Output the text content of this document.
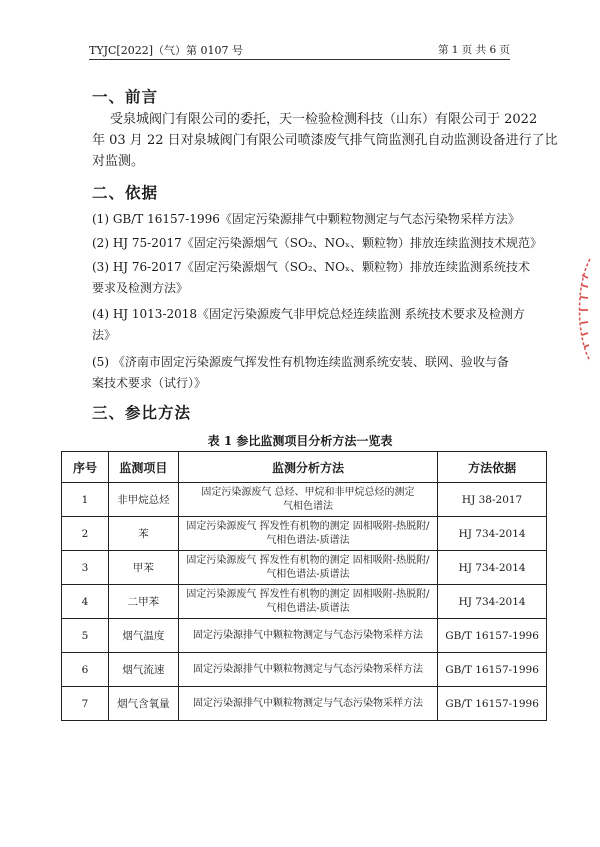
TYJC[2022]（气）第 0107 号	第 1 页 共 6 页
一、前言
受泉城阀门有限公司的委托，天一检验检测科技（山东）有限公司于 2022
年 03 月 22 日对泉城阀门有限公司喷漆废气排气筒监测孔自动监测设备进行了比
对监测。
二、依据
(1) GB/T 16157-1996《固定污染源排气中颗粒物测定与气态污染物采样方法》
(2) HJ 75-2017《固定污染源烟气（SO₂、NOₓ、颗粒物）排放连续监测技术规范》
(3) HJ 76-2017《固定污染源烟气（SO₂、NOₓ、颗粒物）排放连续监测系统技术
要求及检测方法》
(4) HJ 1013-2018《固定污染源废气非甲烷总烃连续监测 系统技术要求及检测方
法》
(5) 《济南市固定污染源废气挥发性有机物连续监测系统安装、联网、验收与备
案技术要求（试行）》
三、参比方法
表 1 参比监测项目分析方法一览表
序号	监测项目	监测分析方法	方法依据
1	非甲烷总烃	固定污染源废气 总烃、甲烷和非甲烷总烃的测定
气相色谱法	HJ 38-2017
2	苯	固定污染源废气 挥发性有机物的测定 固相吸附-热脱附/
气相色谱法-质谱法	HJ 734-2014
3	甲苯	固定污染源废气 挥发性有机物的测定 固相吸附-热脱附/
气相色谱法-质谱法	HJ 734-2014
4	二甲苯	固定污染源废气 挥发性有机物的测定 固相吸附-热脱附/
气相色谱法-质谱法	HJ 734-2014
5	烟气温度	固定污染源排气中颗粒物测定与气态污染物采样方法	GB/T 16157-1996
6	烟气流速	固定污染源排气中颗粒物测定与气态污染物采样方法	GB/T 16157-1996
7	烟气含氧量	固定污染源排气中颗粒物测定与气态污染物采样方法	GB/T 16157-1996
